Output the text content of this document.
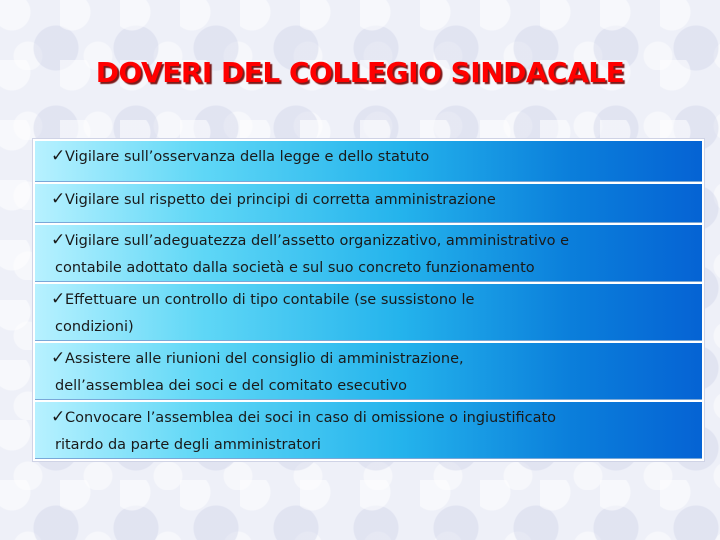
DOVERI DEL COLLEGIO SINDACALE
✓Vigilare sull’osservanza della legge e dello statuto
✓Vigilare sul rispetto dei principi di corretta amministrazione
✓Vigilare sull’adeguatezza dell’assetto organizzativo, amministrativo e
contabile adottato dalla società e sul suo concreto funzionamento
✓Effettuare un controllo di tipo contabile (se sussistono le
condizioni)
✓Assistere alle riunioni del consiglio di amministrazione,
dell’assemblea dei soci e del comitato esecutivo
✓Convocare l’assemblea dei soci in caso di omissione o ingiustificato
ritardo da parte degli amministratori
